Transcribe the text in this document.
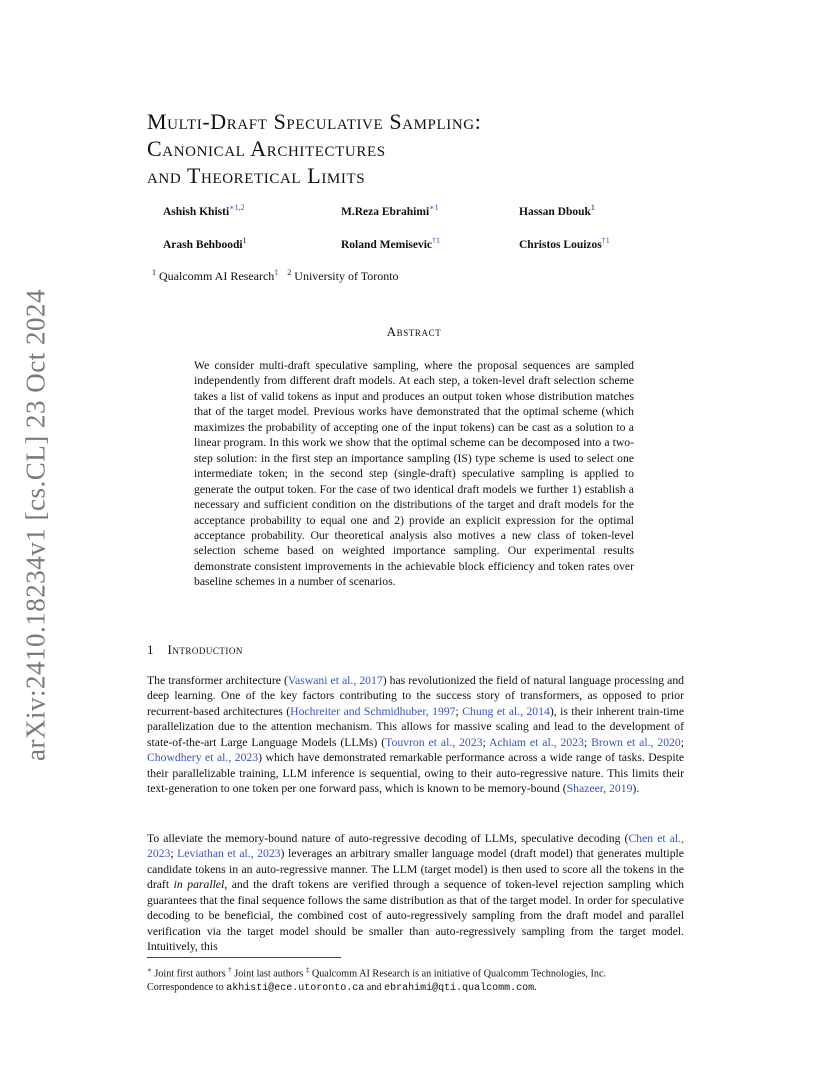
arXiv:2410.18234v1 [cs.CL] 23 Oct 2024
Multi-Draft Speculative Sampling:
Canonical Architectures
and Theoretical Limits
Ashish Khisti$^{∗1,2}$	M.Reza Ebrahimi$^{∗1}$	Hassan Dbouk$^1$
Arash Behboodi$^1$	Roland Memisevic$^{\dagger 1}$	Christos Louizos$^{\dagger 1}$
$^1$ Qualcomm AI Research‡ $^2$ University of Toronto
Abstract

We consider multi-draft speculative sampling, where the proposal sequences are sampled independently from different draft models. At each step, a token-level draft selection scheme takes a list of valid tokens as input and produces an output token whose distribution matches that of the target model. Previous works have demonstrated that the optimal scheme (which maximizes the probability of accepting one of the input tokens) can be cast as a solution to a linear program. In this work we show that the optimal scheme can be decomposed into a two-step solution: in the first step an importance sampling (IS) type scheme is used to select one intermediate token; in the second step (single-draft) speculative sampling is applied to generate the output token. For the case of two identical draft models we further 1) establish a necessary and sufficient condition on the distributions of the target and draft models for the acceptance probability to equal one and 2) provide an explicit expression for the optimal acceptance probability. Our theoretical analysis also motives a new class of token-level selection scheme based on weighted importance sampling. Our experimental results demonstrate consistent improvements in the achievable block efficiency and token rates over baseline schemes in a number of scenarios.

1 Introduction

The transformer architecture (Vaswani et al., 2017) has revolutionized the field of natural language processing and deep learning. One of the key factors contributing to the success story of transformers, as opposed to prior recurrent-based architectures (Hochreiter and Schmidhuber, 1997; Chung et al., 2014), is their inherent train-time parallelization due to the attention mechanism. This allows for massive scaling and lead to the development of state-of-the-art Large Language Models (LLMs) (Touvron et al., 2023; Achiam et al., 2023; Brown et al., 2020; Chowdhery et al., 2023) which have demonstrated remarkable performance across a wide range of tasks. Despite their parallelizable training, LLM inference is sequential, owing to their auto-regressive nature. This limits their text-generation to one token per one forward pass, which is known to be memory-bound (Shazeer, 2019).

To alleviate the memory-bound nature of auto-regressive decoding of LLMs, speculative decoding (Chen et al., 2023; Leviathan et al., 2023) leverages an arbitrary smaller language model (draft model) that generates multiple candidate tokens in an auto-regressive manner. The LLM (target model) is then used to score all the tokens in the draft in parallel, and the draft tokens are verified through a sequence of token-level rejection sampling which guarantees that the final sequence follows the same distribution as that of the target model. In order for speculative decoding to be beneficial, the combined cost of auto-regressively sampling from the draft model and parallel verification via the target model should be smaller than auto-regressively sampling from the target model. Intuitively, this

∗ Joint first authors † Joint last authors ‡ Qualcomm AI Research is an initiative of Qualcomm Technologies, Inc.
Correspondence to akhisti@ece.utoronto.ca and ebrahimi@qti.qualcomm.com.
